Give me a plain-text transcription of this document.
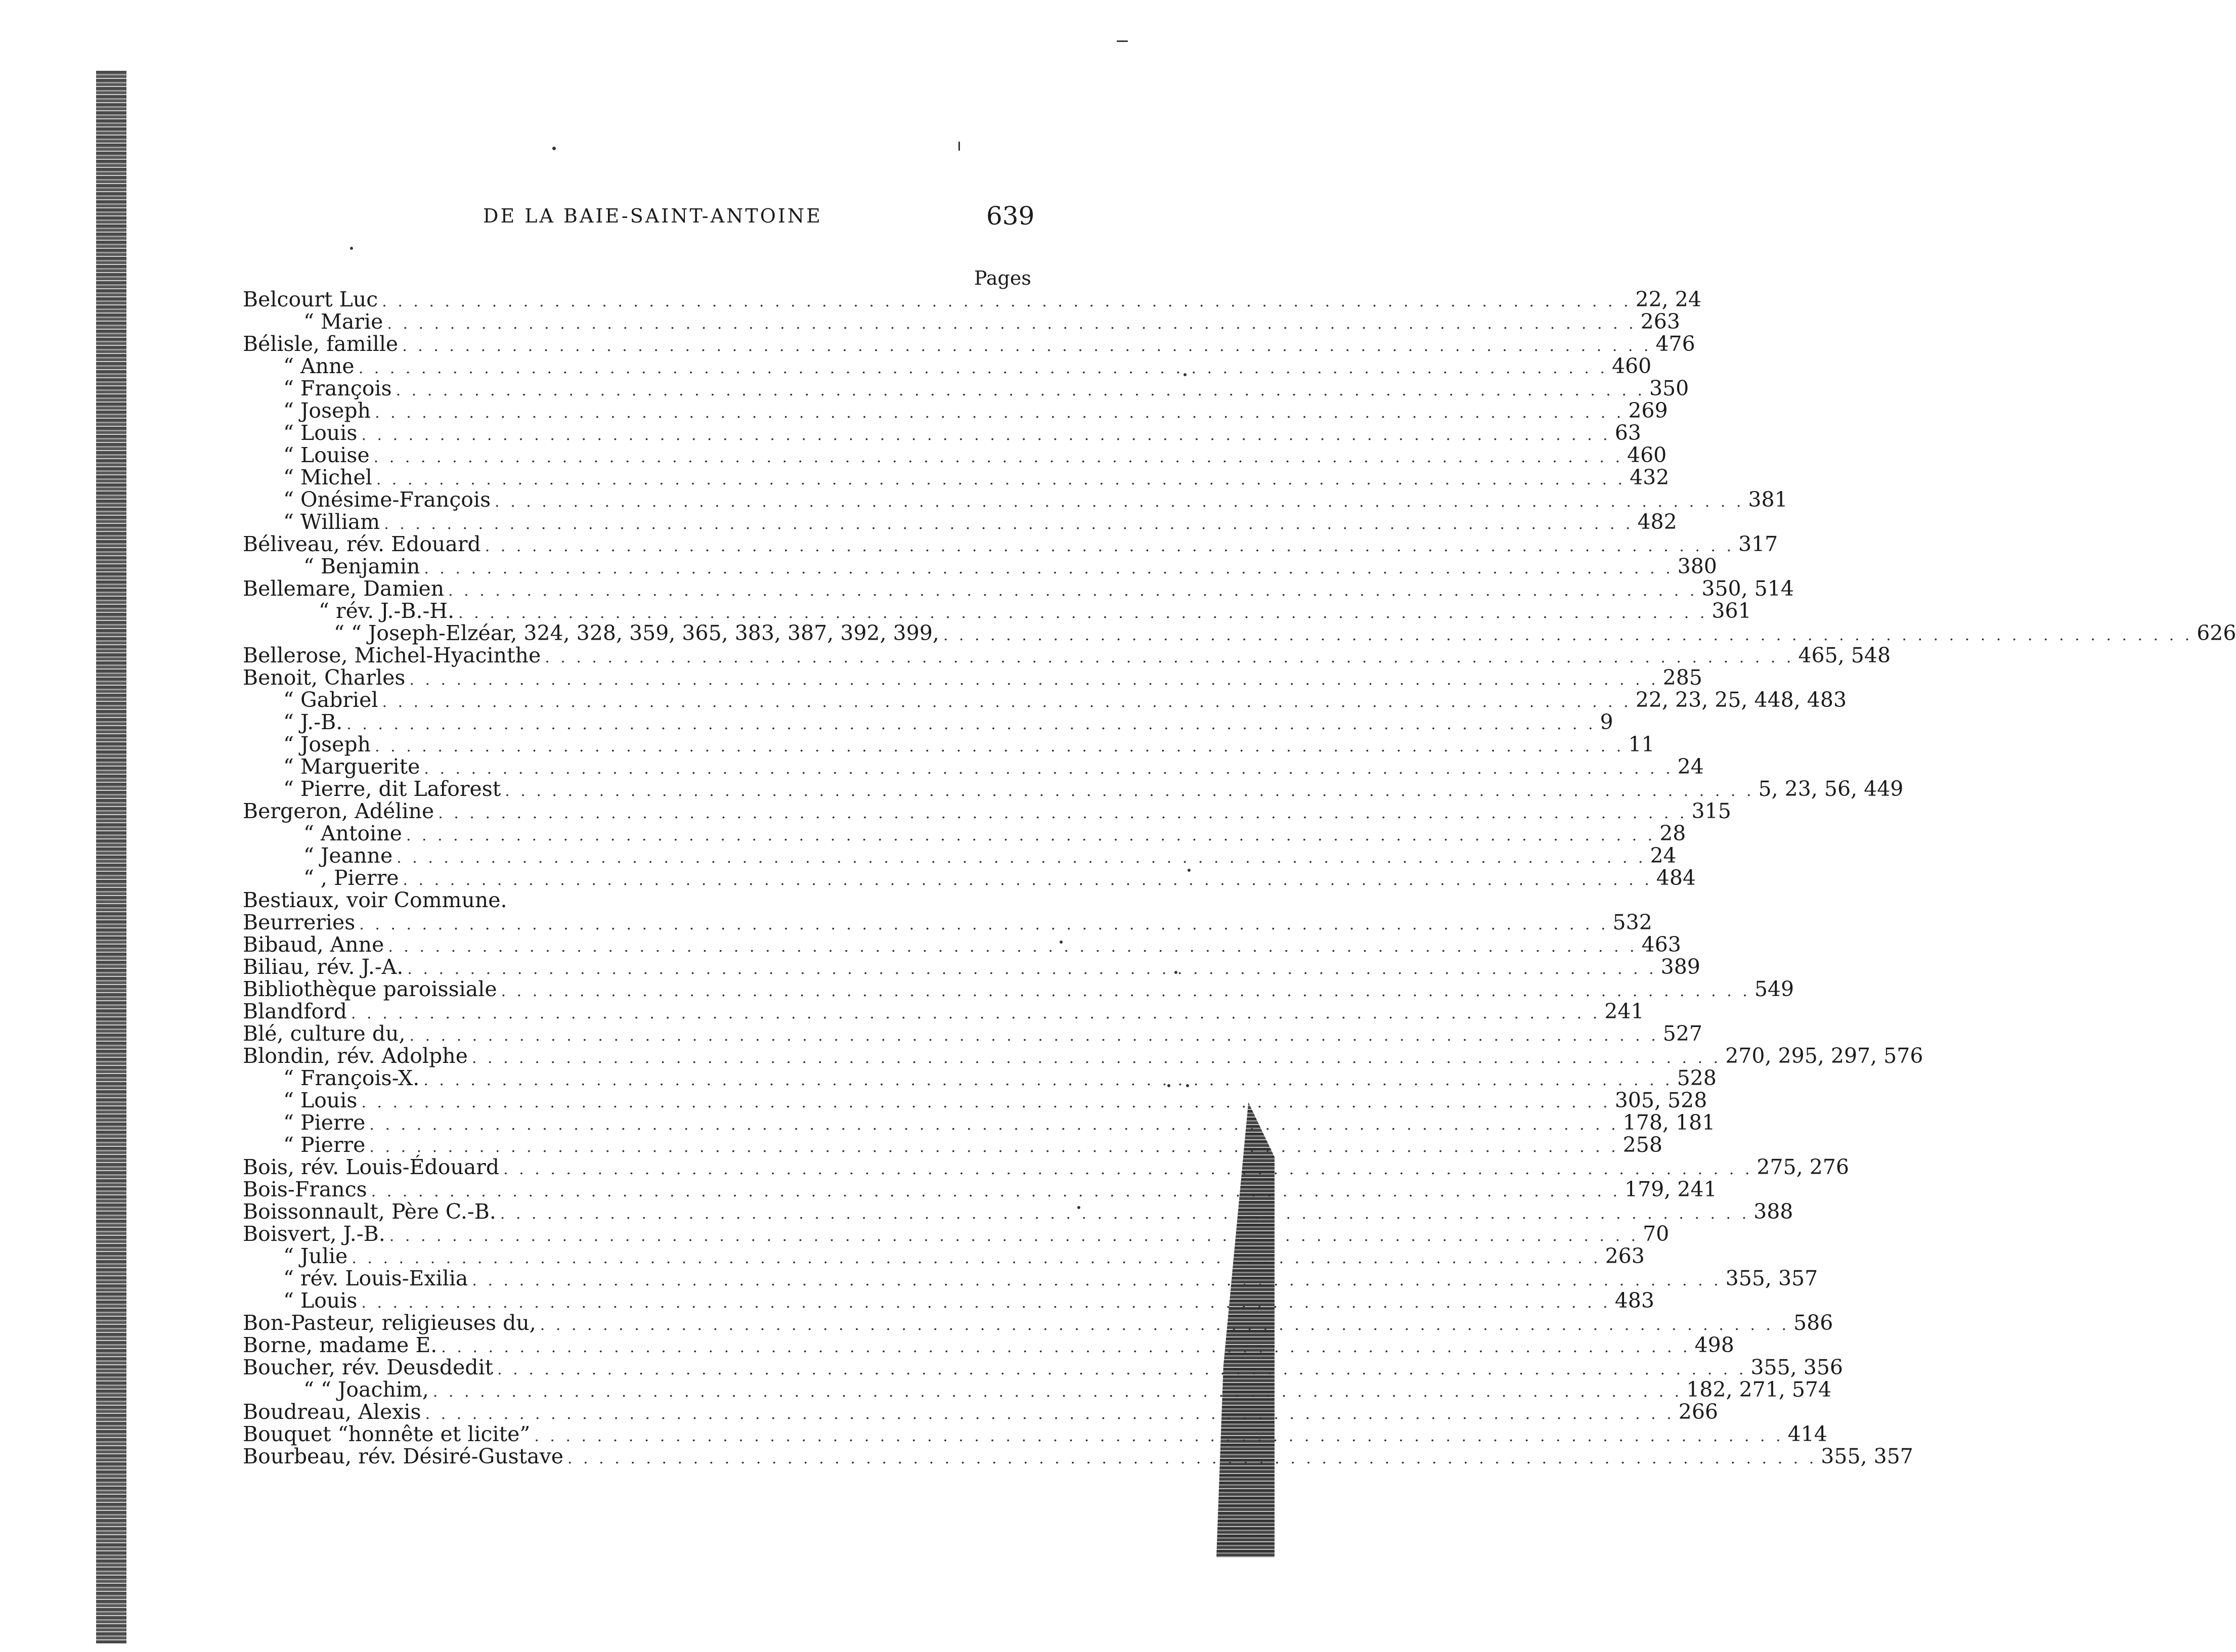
DE LA BAIE-SAINT-ANTOINE	639
Pages
Belcourt Luc . . . . . . . . . . . . . . . . . . . . . . . . . . . . . . . . . . . . . . . . . . . . . . . . . . . . . . . . . . . . . . . . . . . . . . . . . . . . . . . . 22, 24
“ Marie . . . . . . . . . . . . . . . . . . . . . . . . . . . . . . . . . . . . . . . . . . . . . . . . . . . . . . . . . . . . . . . . . . . . . . . . . . . . . . . . 263
Bélisle, famille . . . . . . . . . . . . . . . . . . . . . . . . . . . . . . . . . . . . . . . . . . . . . . . . . . . . . . . . . . . . . . . . . . . . . . . . . . . . . . . . 476
“ Anne . . . . . . . . . . . . . . . . . . . . . . . . . . . . . . . . . . . . . . . . . . . . . . . . . . . . . . . . . . . . . . . . . . . . . . . . . . . . . . . . 460
“ François . . . . . . . . . . . . . . . . . . . . . . . . . . . . . . . . . . . . . . . . . . . . . . . . . . . . . . . . . . . . . . . . . . . . . . . . . . . . . . . . 350
“ Joseph . . . . . . . . . . . . . . . . . . . . . . . . . . . . . . . . . . . . . . . . . . . . . . . . . . . . . . . . . . . . . . . . . . . . . . . . . . . . . . . . 269
“ Louis . . . . . . . . . . . . . . . . . . . . . . . . . . . . . . . . . . . . . . . . . . . . . . . . . . . . . . . . . . . . . . . . . . . . . . . . . . . . . . . . 63
“ Louise . . . . . . . . . . . . . . . . . . . . . . . . . . . . . . . . . . . . . . . . . . . . . . . . . . . . . . . . . . . . . . . . . . . . . . . . . . . . . . . . 460
“ Michel . . . . . . . . . . . . . . . . . . . . . . . . . . . . . . . . . . . . . . . . . . . . . . . . . . . . . . . . . . . . . . . . . . . . . . . . . . . . . . . . 432
“ Onésime-François . . . . . . . . . . . . . . . . . . . . . . . . . . . . . . . . . . . . . . . . . . . . . . . . . . . . . . . . . . . . . . . . . . . . . . . . . . . . . . . . 381
“ William . . . . . . . . . . . . . . . . . . . . . . . . . . . . . . . . . . . . . . . . . . . . . . . . . . . . . . . . . . . . . . . . . . . . . . . . . . . . . . . . 482
Béliveau, rév. Edouard . . . . . . . . . . . . . . . . . . . . . . . . . . . . . . . . . . . . . . . . . . . . . . . . . . . . . . . . . . . . . . . . . . . . . . . . . . . . . . . . 317
“ Benjamin . . . . . . . . . . . . . . . . . . . . . . . . . . . . . . . . . . . . . . . . . . . . . . . . . . . . . . . . . . . . . . . . . . . . . . . . . . . . . . . . 380
Bellemare, Damien . . . . . . . . . . . . . . . . . . . . . . . . . . . . . . . . . . . . . . . . . . . . . . . . . . . . . . . . . . . . . . . . . . . . . . . . . . . . . . . . 350, 514
“ rév. J.-B.-H. . . . . . . . . . . . . . . . . . . . . . . . . . . . . . . . . . . . . . . . . . . . . . . . . . . . . . . . . . . . . . . . . . . . . . . . . . . . . . . . . 361
“ “ Joseph-Elzéar, 324, 328, 359, 365, 383, 387, 392, 399, . . . . . . . . . . . . . . . . . . . . . . . . . . . . . . . . . . . . . . . . . . . . . . . . . . . . . . . . . . . . . . . . . . . . . . . . . . . . . . . . 626
Bellerose, Michel-Hyacinthe . . . . . . . . . . . . . . . . . . . . . . . . . . . . . . . . . . . . . . . . . . . . . . . . . . . . . . . . . . . . . . . . . . . . . . . . . . . . . . . . 465, 548
Benoit, Charles . . . . . . . . . . . . . . . . . . . . . . . . . . . . . . . . . . . . . . . . . . . . . . . . . . . . . . . . . . . . . . . . . . . . . . . . . . . . . . . . 285
“ Gabriel . . . . . . . . . . . . . . . . . . . . . . . . . . . . . . . . . . . . . . . . . . . . . . . . . . . . . . . . . . . . . . . . . . . . . . . . . . . . . . . . 22, 23, 25, 448, 483
“ J.-B. . . . . . . . . . . . . . . . . . . . . . . . . . . . . . . . . . . . . . . . . . . . . . . . . . . . . . . . . . . . . . . . . . . . . . . . . . . . . . . . . 9
“ Joseph . . . . . . . . . . . . . . . . . . . . . . . . . . . . . . . . . . . . . . . . . . . . . . . . . . . . . . . . . . . . . . . . . . . . . . . . . . . . . . . . 11
“ Marguerite . . . . . . . . . . . . . . . . . . . . . . . . . . . . . . . . . . . . . . . . . . . . . . . . . . . . . . . . . . . . . . . . . . . . . . . . . . . . . . . . 24
“ Pierre, dit Laforest . . . . . . . . . . . . . . . . . . . . . . . . . . . . . . . . . . . . . . . . . . . . . . . . . . . . . . . . . . . . . . . . . . . . . . . . . . . . . . . . 5, 23, 56, 449
Bergeron, Adéline . . . . . . . . . . . . . . . . . . . . . . . . . . . . . . . . . . . . . . . . . . . . . . . . . . . . . . . . . . . . . . . . . . . . . . . . . . . . . . . . 315
“ Antoine . . . . . . . . . . . . . . . . . . . . . . . . . . . . . . . . . . . . . . . . . . . . . . . . . . . . . . . . . . . . . . . . . . . . . . . . . . . . . . . . 28
“ Jeanne . . . . . . . . . . . . . . . . . . . . . . . . . . . . . . . . . . . . . . . . . . . . . . . . . . . . . . . . . . . . . . . . . . . . . . . . . . . . . . . . 24
“ , Pierre . . . . . . . . . . . . . . . . . . . . . . . . . . . . . . . . . . . . . . . . . . . . . . . . . . . . . . . . . . . . . . . . . . . . . . . . . . . . . . . . 484
Bestiaux, voir Commune.
Beurreries . . . . . . . . . . . . . . . . . . . . . . . . . . . . . . . . . . . . . . . . . . . . . . . . . . . . . . . . . . . . . . . . . . . . . . . . . . . . . . . . 532
Bibaud, Anne . . . . . . . . . . . . . . . . . . . . . . . . . . . . . . . . . . . . . . . . . . . . . . . . . . . . . . . . . . . . . . . . . . . . . . . . . . . . . . . . 463
Biliau, rév. J.-A. . . . . . . . . . . . . . . . . . . . . . . . . . . . . . . . . . . . . . . . . . . . . . . . . . . . . . . . . . . . . . . . . . . . . . . . . . . . . . . . . 389
Bibliothèque paroissiale . . . . . . . . . . . . . . . . . . . . . . . . . . . . . . . . . . . . . . . . . . . . . . . . . . . . . . . . . . . . . . . . . . . . . . . . . . . . . . . . 549
Blandford . . . . . . . . . . . . . . . . . . . . . . . . . . . . . . . . . . . . . . . . . . . . . . . . . . . . . . . . . . . . . . . . . . . . . . . . . . . . . . . . 241
Blé, culture du, . . . . . . . . . . . . . . . . . . . . . . . . . . . . . . . . . . . . . . . . . . . . . . . . . . . . . . . . . . . . . . . . . . . . . . . . . . . . . . . . 527
Blondin, rév. Adolphe . . . . . . . . . . . . . . . . . . . . . . . . . . . . . . . . . . . . . . . . . . . . . . . . . . . . . . . . . . . . . . . . . . . . . . . . . . . . . . . . 270, 295, 297, 576
“ François-X. . . . . . . . . . . . . . . . . . . . . . . . . . . . . . . . . . . . . . . . . . . . . . . . . . . . . . . . . . . . . . . . . . . . . . . . . . . . . . . . . 528
“ Louis . . . . . . . . . . . . . . . . . . . . . . . . . . . . . . . . . . . . . . . . . . . . . . . . . . . . . . . . . . . . . . . . . . . . . . . . . . . . . . . . 305, 528
“ Pierre . . . . . . . . . . . . . . . . . . . . . . . . . . . . . . . . . . . . . . . . . . . . . . . . . . . . . . . . . . . . . . . . . . . . . . . . . . . . . . . . 178, 181
“ Pierre . . . . . . . . . . . . . . . . . . . . . . . . . . . . . . . . . . . . . . . . . . . . . . . . . . . . . . . . . . . . . . . . . . . . . . . . . . . . . . . . 258
Bois, rév. Louis-Édouard . . . . . . . . . . . . . . . . . . . . . . . . . . . . . . . . . . . . . . . . . . . . . . . . . . . . . . . . . . . . . . . . . . . . . . . . . . . . . . . . 275, 276
Bois-Francs . . . . . . . . . . . . . . . . . . . . . . . . . . . . . . . . . . . . . . . . . . . . . . . . . . . . . . . . . . . . . . . . . . . . . . . . . . . . . . . . 179, 241
Boissonnault, Père C.-B. . . . . . . . . . . . . . . . . . . . . . . . . . . . . . . . . . . . . . . . . . . . . . . . . . . . . . . . . . . . . . . . . . . . . . . . . . . . . . . . . 388
Boisvert, J.-B. . . . . . . . . . . . . . . . . . . . . . . . . . . . . . . . . . . . . . . . . . . . . . . . . . . . . . . . . . . . . . . . . . . . . . . . . . . . . . . . . 70
“ Julie . . . . . . . . . . . . . . . . . . . . . . . . . . . . . . . . . . . . . . . . . . . . . . . . . . . . . . . . . . . . . . . . . . . . . . . . . . . . . . . . 263
“ rév. Louis-Exilia . . . . . . . . . . . . . . . . . . . . . . . . . . . . . . . . . . . . . . . . . . . . . . . . . . . . . . . . . . . . . . . . . . . . . . . . . . . . . . . . 355, 357
“ Louis . . . . . . . . . . . . . . . . . . . . . . . . . . . . . . . . . . . . . . . . . . . . . . . . . . . . . . . . . . . . . . . . . . . . . . . . . . . . . . . . 483
Bon-Pasteur, religieuses du, . . . . . . . . . . . . . . . . . . . . . . . . . . . . . . . . . . . . . . . . . . . . . . . . . . . . . . . . . . . . . . . . . . . . . . . . . . . . . . . . 586
Borne, madame E. . . . . . . . . . . . . . . . . . . . . . . . . . . . . . . . . . . . . . . . . . . . . . . . . . . . . . . . . . . . . . . . . . . . . . . . . . . . . . . . . 498
Boucher, rév. Deusdedit . . . . . . . . . . . . . . . . . . . . . . . . . . . . . . . . . . . . . . . . . . . . . . . . . . . . . . . . . . . . . . . . . . . . . . . . . . . . . . . . 355, 356
“ “ Joachim, . . . . . . . . . . . . . . . . . . . . . . . . . . . . . . . . . . . . . . . . . . . . . . . . . . . . . . . . . . . . . . . . . . . . . . . . . . . . . . . . 182, 271, 574
Boudreau, Alexis . . . . . . . . . . . . . . . . . . . . . . . . . . . . . . . . . . . . . . . . . . . . . . . . . . . . . . . . . . . . . . . . . . . . . . . . . . . . . . . . 266
Bouquet “honnête et licite” . . . . . . . . . . . . . . . . . . . . . . . . . . . . . . . . . . . . . . . . . . . . . . . . . . . . . . . . . . . . . . . . . . . . . . . . . . . . . . . . 414
Bourbeau, rév. Désiré-Gustave . . . . . . . . . . . . . . . . . . . . . . . . . . . . . . . . . . . . . . . . . . . . . . . . . . . . . . . . . . . . . . . . . . . . . . . . . . . . . . . . 355, 357
